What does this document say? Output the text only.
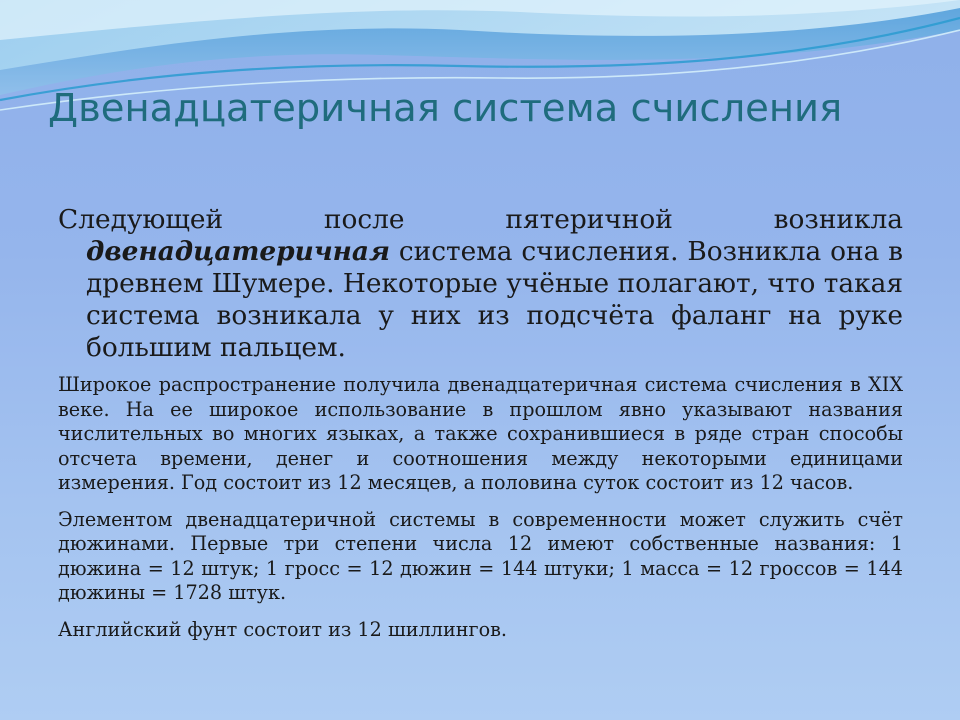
Двенадцатеричная система счисления

Следующей после пятеричной возникла двенадцатеричная система счисления. Возникла она в древнем Шумере. Некоторые учёные полагают, что такая система возникала у них из подсчёта фаланг на руке большим пальцем.

Широкое распространение получила двенадцатеричная система счисления в XIX веке. На ее широкое использование в прошлом явно указывают названия числительных во многих языках, а также сохранившиеся в ряде стран способы отсчета времени, денег и соотношения между некоторыми единицами измерения. Год состоит из 12 месяцев, а половина суток состоит из 12 часов.

Элементом двенадцатеричной системы в современности может служить счёт дюжинами. Первые три степени числа 12 имеют собственные названия: 1 дюжина = 12 штук; 1 гросс = 12 дюжин = 144 штуки; 1 масса = 12 гроссов = 144 дюжины = 1728 штук.

Английский фунт состоит из 12 шиллингов.
